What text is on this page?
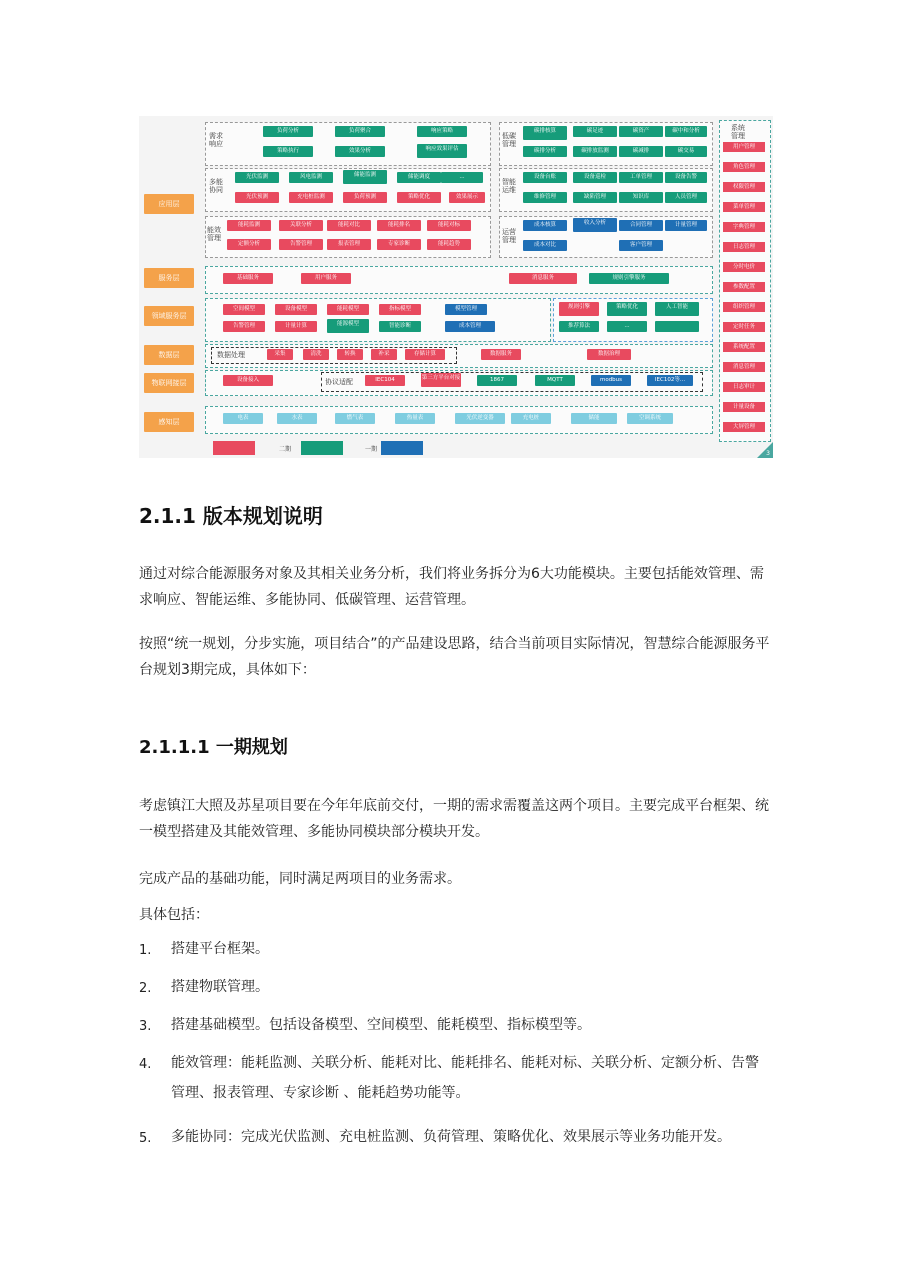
应用层
服务层
领域服务层
数据层
物联网接层
感知层
需求
响应
负荷分析	负荷聚合	响应策略
策略执行	效果分析	响应效果评估
多能
协同
光伏监测	风电监测	储能监测	储能调度	...
光伏预测	充电桩监测	负荷预测	策略优化	效果展示
能效
管理
能耗监测	关联分析	能耗对比	能耗排名	能耗对标
定额分析	告警管理	报表管理	专家诊断	能耗趋势
低碳
管理
碳排核算	碳足迹	碳资产	碳中和分析
碳排分析	碳排放监测	碳减排	碳交易
智能
运维
设备台账	设备巡检	工单管理	设备告警
维修管理	缺陷管理	知识库	人员管理
运营
管理
成本核算	收入分析	合同管理	计量管理
成本对比	客户管理
基础服务	用户服务	消息服务	规则引擎服务
空间模型	设备模型	能耗模型	指标模型	模型管理
告警管理	计量计算	能源模型	智能诊断	成本管理
规则引擎	策略优化	人工智能
推荐算法	...
数据处理	采集	清洗	转换	补采	存储计算	数据服务	数据治理
设备接入	协议适配	IEC104	第三方平台对接	1867	MQTT	modbus	IEC102等...
电表	水表	燃气表	热量表	光伏逆变器	充电桩	储能	空调系统
系统
管理
二期	一期
3
用户管理
角色管理
权限管理
菜单管理
字典管理
日志管理
分时电价
参数配置
组织管理
定时任务
系统配置
消息管理
日志审计
计量设备
大屏管理
2.1.1 版本规划说明
通过对综合能源服务对象及其相关业务分析，我们将业务拆分为6大功能模块。主要包括能效管理、需求响应、智能运维、多能协同、低碳管理、运营管理。
按照“统一规划，分步实施，项目结合”的产品建设思路，结合当前项目实际情况，智慧综合能源服务平台规划3期完成，具体如下：
2.1.1.1 一期规划
考虑镇江大照及苏星项目要在今年年底前交付，一期的需求需覆盖这两个项目。主要完成平台框架、统一模型搭建及其能效管理、多能协同模块部分模块开发。
完成产品的基础功能，同时满足两项目的业务需求。
具体包括：
1. 搭建平台框架。
2. 搭建物联管理。
3. 搭建基础模型。包括设备模型、空间模型、能耗模型、指标模型等。
4. 能效管理：能耗监测、关联分析、能耗对比、能耗排名、能耗对标、关联分析、定额分析、告警管理、报表管理、专家诊断 、能耗趋势功能等。
5. 多能协同：完成光伏监测、充电桩监测、负荷管理、策略优化、效果展示等业务功能开发。
